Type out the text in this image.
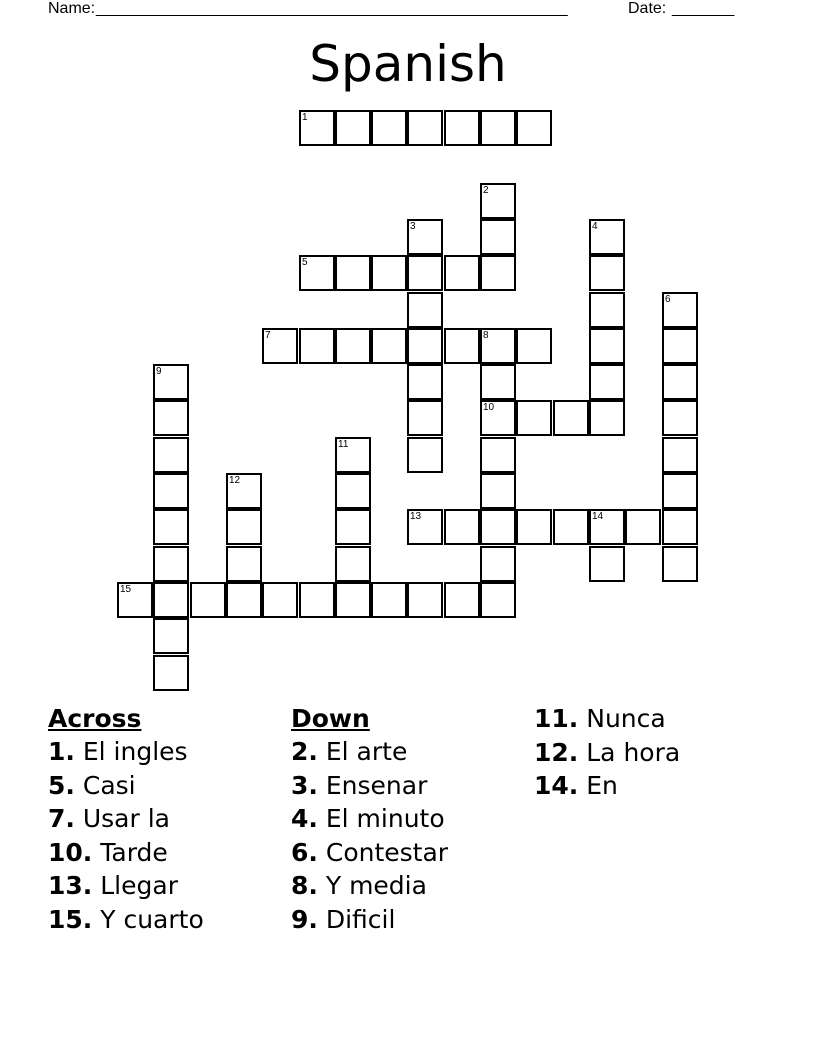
Name: _____________________________________________________	Date: _______
Spanish
1
2
3	4
5
6
7	8
10
9
11
12
13	14
15
Across
1. El ingles
5. Casi
7. Usar la
10. Tarde
13. Llegar
15. Y cuarto
Down
2. El arte
3. Ensenar
4. El minuto
6. Contestar
8. Y media
9. Dificil
11. Nunca
12. La hora
14. En
